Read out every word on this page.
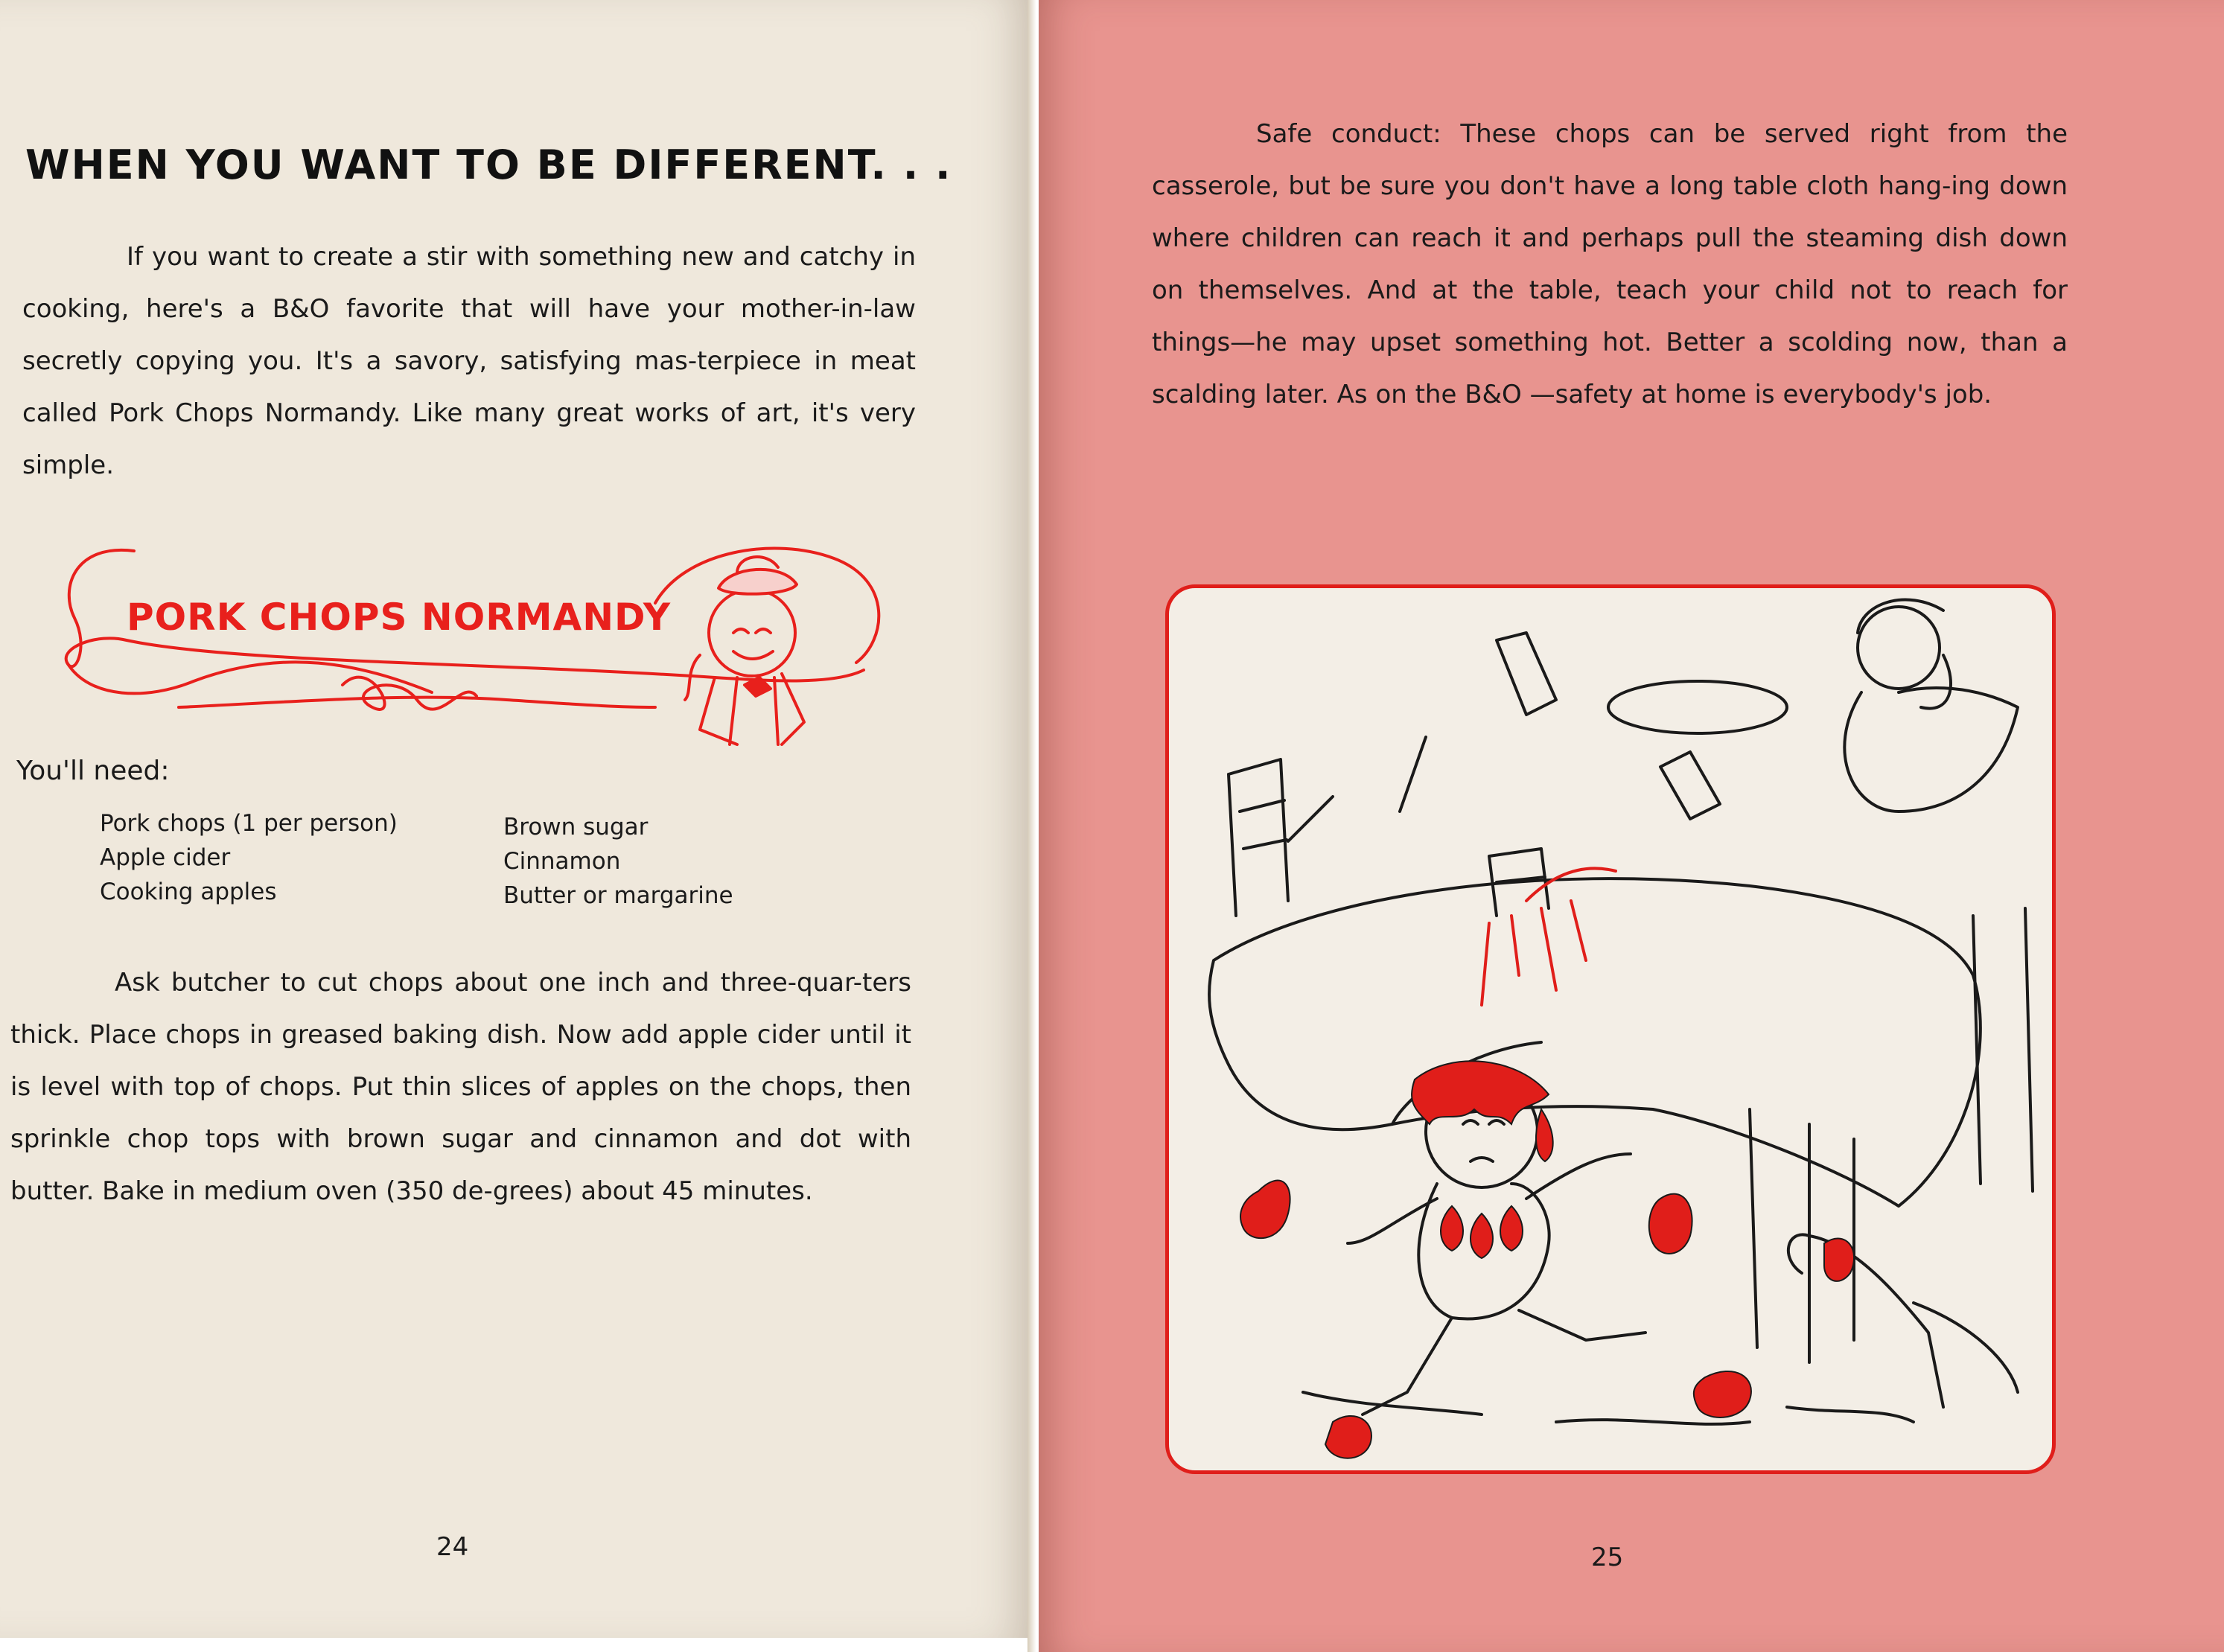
WHEN YOU WANT TO BE DIFFERENT. . .
If you want to create a stir with something new and catchy in cooking, here's a B&O favorite that will have your mother-in-law secretly copying you. It's a savory, satisfying mas-terpiece in meat called Pork Chops Normandy. Like many great works of art, it's very simple.
PORK CHOPS NORMANDY
You'll need:
Pork chops (1 per person)
Apple cider
Cooking apples
Brown sugar
Cinnamon
Butter or margarine
Ask butcher to cut chops about one inch and three-quar-ters thick. Place chops in greased baking dish. Now add apple cider until it is level with top of chops. Put thin slices of apples on the chops, then sprinkle chop tops with brown sugar and cinnamon and dot with butter. Bake in medium oven (350 de-grees) about 45 minutes.
24
Safe conduct: These chops can be served right from the casserole, but be sure you don't have a long table cloth hang-ing down where children can reach it and perhaps pull the steaming dish down on themselves. And at the table, teach your child not to reach for things—he may upset something hot. Better a scolding now, than a scalding later. As on the B&O —safety at home is everybody's job.
25
